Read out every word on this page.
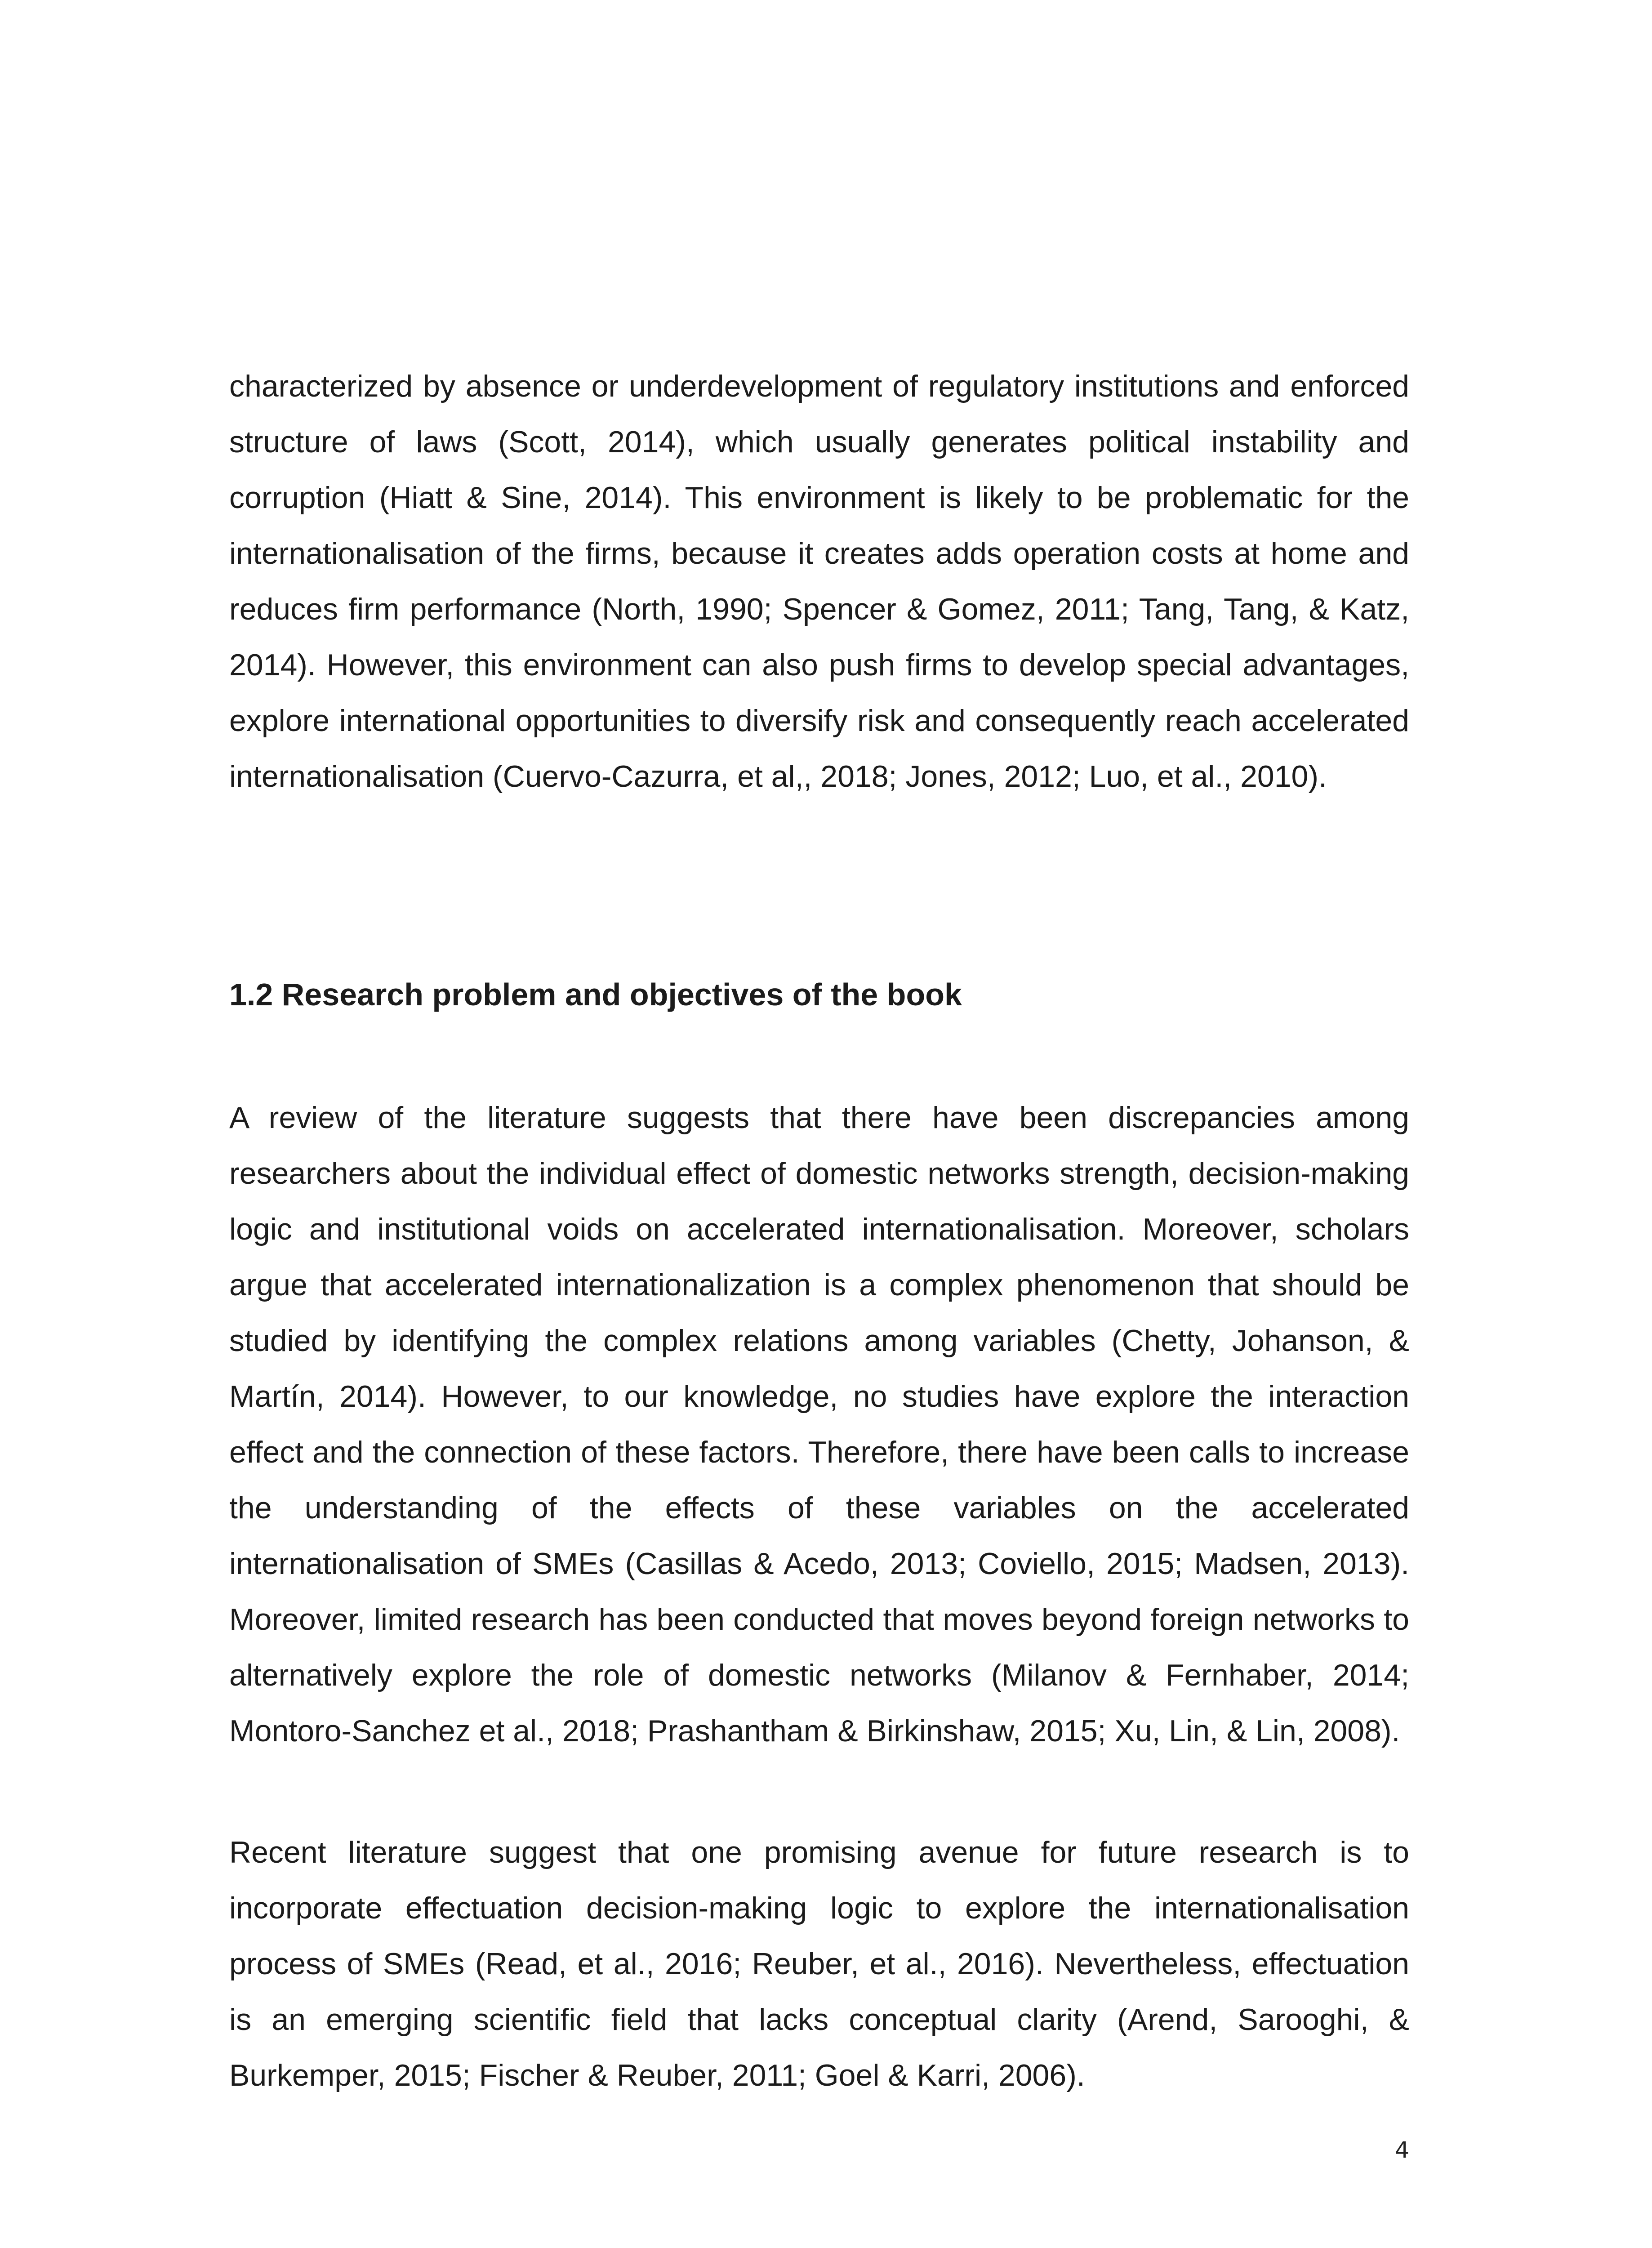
characterized by absence or underdevelopment of regulatory institutions and enforced structure of laws (Scott, 2014), which usually generates political instability and corruption (Hiatt & Sine, 2014). This environment is likely to be problematic for the internationalisation of the firms, because it creates adds operation costs at home and reduces firm performance (North, 1990; Spencer & Gomez, 2011; Tang, Tang, & Katz, 2014). However, this environment can also push firms to develop special advantages, explore international opportunities to diversify risk and consequently reach accelerated internationalisation (Cuervo-Cazurra, et al,, 2018; Jones, 2012; Luo, et al., 2010).

1.2 Research problem and objectives of the book

A review of the literature suggests that there have been discrepancies among researchers about the individual effect of domestic networks strength, decision-making logic and institutional voids on accelerated internationalisation. Moreover, scholars argue that accelerated internationalization is a complex phenomenon that should be studied by identifying the complex relations among variables (Chetty, Johanson, & Martín, 2014). However, to our knowledge, no studies have explore the interaction effect and the connection of these factors. Therefore, there have been calls to increase the understanding of the effects of these variables on the accelerated internationalisation of SMEs (Casillas & Acedo, 2013; Coviello, 2015; Madsen, 2013). Moreover, limited research has been conducted that moves beyond foreign networks to alternatively explore the role of domestic networks (Milanov & Fernhaber, 2014; Montoro-Sanchez et al., 2018; Prashantham & Birkinshaw, 2015; Xu, Lin, & Lin, 2008).

Recent literature suggest that one promising avenue for future research is to incorporate effectuation decision-making logic to explore the internationalisation process of SMEs (Read, et al., 2016; Reuber, et al., 2016). Nevertheless, effectuation is an emerging scientific field that lacks conceptual clarity (Arend, Sarooghi, & Burkemper, 2015; Fischer & Reuber, 2011; Goel & Karri, 2006).

4
